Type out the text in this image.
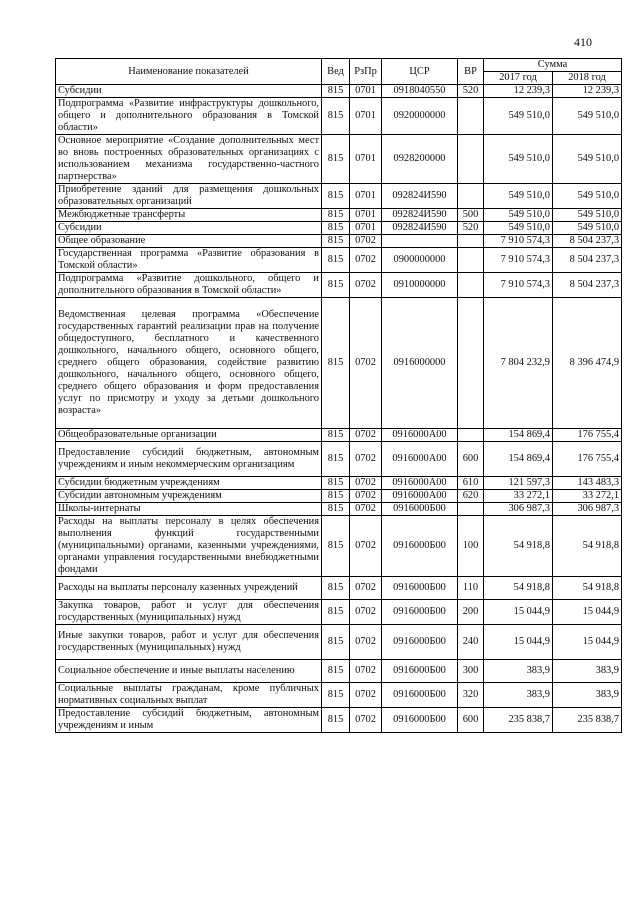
410
Наименование показателей	Вед	РзПр	ЦСР	ВР	Сумма	
					2017 год	2018 год
Субсидии	815	0701	0918040550	520	12 239,3	12 239,3
Подпрограмма «Развитие инфраструктуры дошкольного, общего и дополнительного образования в Томской области»	815	0701	0920000000		549 510,0	549 510,0
Основное мероприятие «Создание дополнительных мест во вновь построенных образовательных организациях с использованием механизма государственно-частного партнерства»	815	0701	0928200000		549 510,0	549 510,0
Приобретение зданий для размещения дошкольных образовательных организаций	815	0701	092824И590		549 510,0	549 510,0
Межбюджетные трансферты	815	0701	092824И590	500	549 510,0	549 510,0
Субсидии	815	0701	092824И590	520	549 510,0	549 510,0
Общее образование	815	0702			7 910 574,3	8 504 237,3
Государственная программа «Развитие образования в Томской области»	815	0702	0900000000		7 910 574,3	8 504 237,3
Подпрограмма «Развитие дошкольного, общего и дополнительного образования в Томской области»	815	0702	0910000000		7 910 574,3	8 504 237,3
Ведомственная целевая программа «Обеспечение государственных гарантий реализации прав на получение общедоступного, бесплатного и качественного дошкольного, начального общего, основного общего, среднего общего образования, содействие развитию дошкольного, начального общего, основного общего, среднего общего образования и форм предоставления услуг по присмотру и уходу за детьми дошкольного возраста»	815	0702	0916000000		7 804 232,9	8 396 474,9
Общеобразовательные организации	815	0702	0916000А00		154 869,4	176 755,4
Предоставление субсидий бюджетным, автономным учреждениям и иным некоммерческим организациям	815	0702	0916000А00	600	154 869,4	176 755,4
Субсидии бюджетным учреждениям	815	0702	0916000А00	610	121 597,3	143 483,3
Субсидии автономным учреждениям	815	0702	0916000А00	620	33 272,1	33 272,1
Школы-интернаты	815	0702	0916000Б00		306 987,3	306 987,3
Расходы на выплаты персоналу в целях обеспечения выполнения функций государственными (муниципальными) органами, казенными учреждениями, органами управления государственными внебюджетными фондами	815	0702	0916000Б00	100	54 918,8	54 918,8
Расходы на выплаты персоналу казенных учреждений	815	0702	0916000Б00	110	54 918,8	54 918,8
Закупка товаров, работ и услуг для обеспечения государственных (муниципальных) нужд	815	0702	0916000Б00	200	15 044,9	15 044,9
Иные закупки товаров, работ и услуг для обеспечения государственных (муниципальных) нужд	815	0702	0916000Б00	240	15 044,9	15 044,9
Социальное обеспечение и иные выплаты населению	815	0702	0916000Б00	300	383,9	383,9
Социальные выплаты гражданам, кроме публичных нормативных социальных выплат	815	0702	0916000Б00	320	383,9	383,9
Предоставление субсидий бюджетным, автономным учреждениям и иным	815	0702	0916000Б00	600	235 838,7	235 838,7
